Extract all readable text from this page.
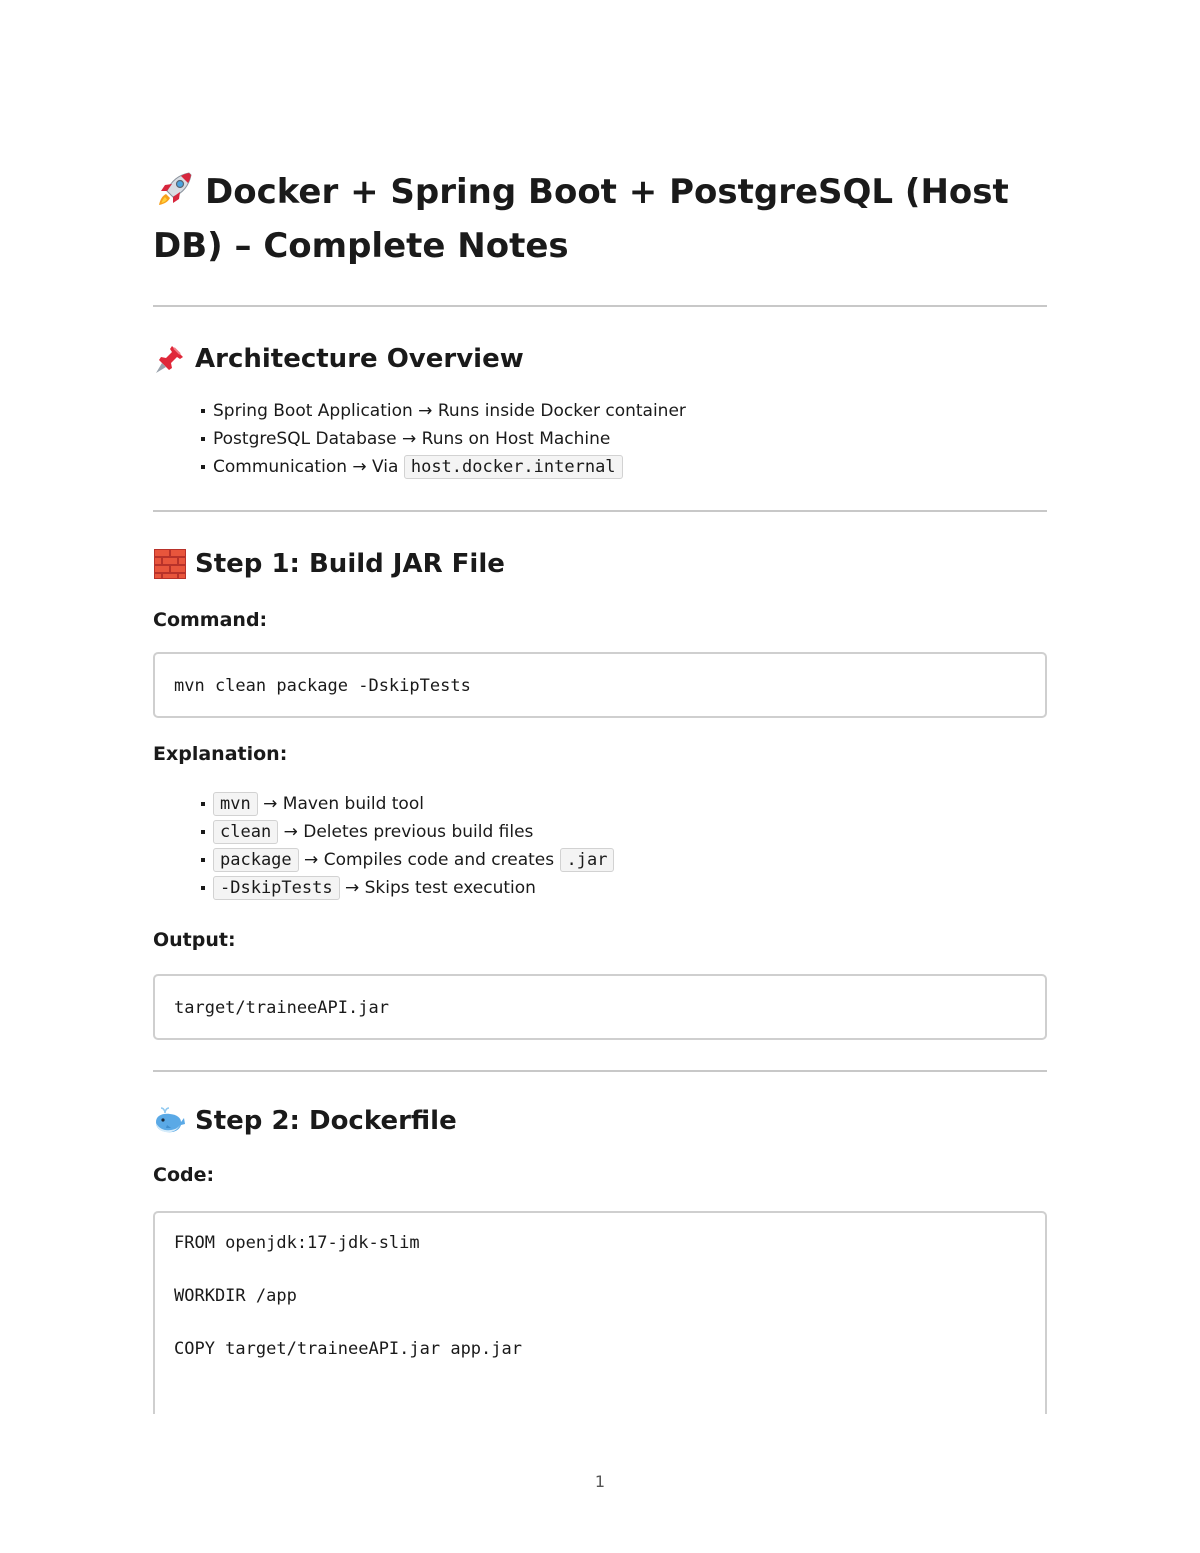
Docker + Spring Boot + PostgreSQL (Host DB) – Complete Notes
Architecture Overview
Spring Boot Application → Runs inside Docker container
PostgreSQL Database → Runs on Host Machine
Communication → Via host.docker.internal
Step 1: Build JAR File

Command:

mvn clean package -DskipTests

Explanation:

mvn → Maven build tool
clean → Deletes previous build files
package → Compiles code and creates .jar
-DskipTests → Skips test execution

Output:

target/traineeAPI.jar
Step 2: Dockerfile

Code:

FROM openjdk:17-jdk-slim
WORKDIR /app
COPY target/traineeAPI.jar app.jar
1
